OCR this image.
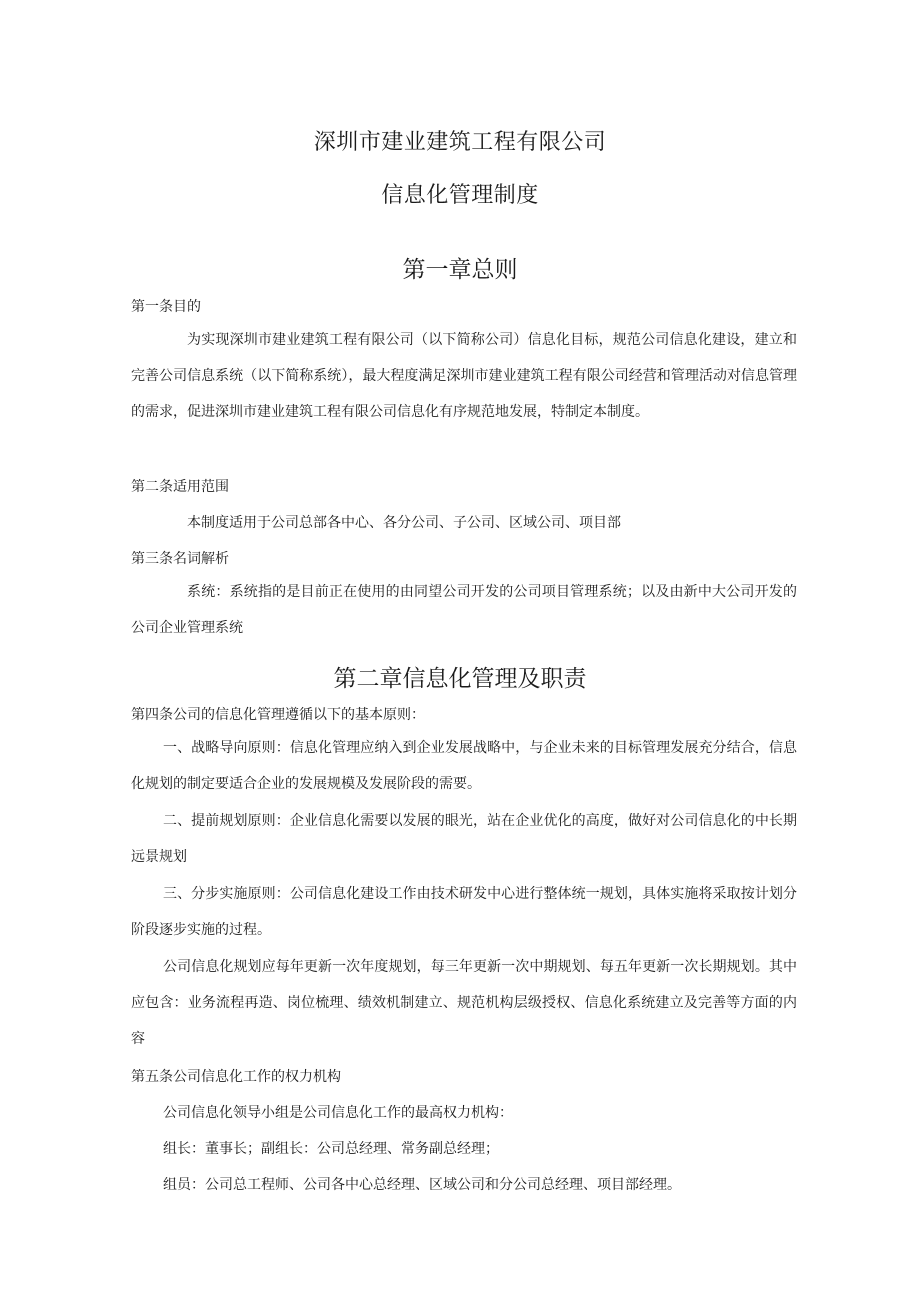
深圳市建业建筑工程有限公司
信息化管理制度
第一章总则
第一条目的

为实现深圳市建业建筑工程有限公司（以下简称公司）信息化目标，规范公司信息化建设，建立和完善公司信息系统（以下简称系统），最大程度满足深圳市建业建筑工程有限公司经营和管理活动对信息管理的需求，促进深圳市建业建筑工程有限公司信息化有序规范地发展，特制定本制度。

第二条适用范围
本制度适用于公司总部各中心、各分公司、子公司、区域公司、项目部
第三条名词解析

系统：系统指的是目前正在使用的由同望公司开发的公司项目管理系统；以及由新中大公司开发的公司企业管理系统

第二章信息化管理及职责
第四条公司的信息化管理遵循以下的基本原则：

一、战略导向原则：信息化管理应纳入到企业发展战略中，与企业未来的目标管理发展充分结合，信息化规划的制定要适合企业的发展规模及发展阶段的需要。

二、提前规划原则：企业信息化需要以发展的眼光，站在企业优化的高度，做好对公司信息化的中长期远景规划

三、分步实施原则：公司信息化建设工作由技术研发中心进行整体统一规划，具体实施将采取按计划分阶段逐步实施的过程。

公司信息化规划应每年更新一次年度规划，每三年更新一次中期规划、每五年更新一次长期规划。其中应包含：业务流程再造、岗位梳理、绩效机制建立、规范机构层级授权、信息化系统建立及完善等方面的内容

第五条公司信息化工作的权力机构
公司信息化领导小组是公司信息化工作的最高权力机构：
组长：董事长；副组长：公司总经理、常务副总经理；
组员：公司总工程师、公司各中心总经理、区域公司和分公司总经理、项目部经理。
